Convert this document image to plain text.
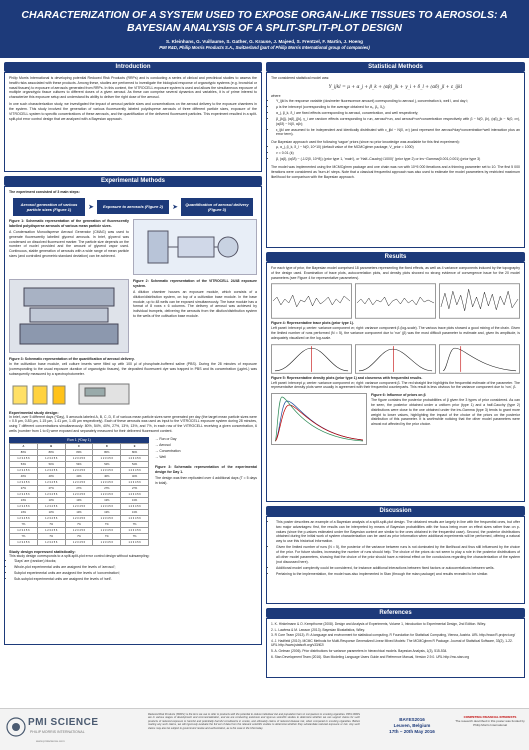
CHARACTERIZATION OF A SYSTEM USED TO EXPOSE ORGAN-LIKE TISSUES TO AEROSOLS: A BAYESIAN ANALYSIS OF A SPLIT-SPLIT-PLOT DESIGN
S. Kleinhans, G. Vuillaume, S. Gather, G. Krause, J. Majeed, S. Frentzel, F. Martin, J. Hoeng
PMI R&D, Philip Morris Products S.A., Switzerland (part of Philip Morris International group of companies)
Introduction
Philip Morris International is developing potential Reduced Risk Products (RRPs) and is conducting a series of clinical and preclinical studies to assess the health risks associated with these products. Among these, studies are performed to investigate the biological response of organotypic systems (e.g. bronchial or nasal tissues) to exposure of aerosols generated from RRPs. In this context, the VITROCELL exposure system is used and allows the simultaneous exposure of multiple organotypic tissue cultures to different doses of a given aerosol. As these can comprise several dynamics and variables, it is of prime interest to characterize this exposure setup and understand its ability to deliver the right dose of the aerosol.
In one such characterization study, we investigated the impact of aerosol particle sizes and concentrations on the aerosol delivery to the exposure chambers in the system. This study involved the generation of various fluorescently labeled polydisperse aerosols of three different particle sizes, exposure of the VITROCELL system to specific concentrations of these aerosols, and the quantification of the delivered fluorescent particles. This experiment resulted in a split-split-plot error control design that we analyzed with a Bayesian approach.
Experimental Methods
The experiment consisted of 3 main steps:
Aerosol generation of various particle sizes (Figure 1)	➤	Exposure to aerosols (Figure 2)	➤	Quantification of aerosol delivery (Figure 3)
Figure 1: Schematic representation of the generation of fluorescently labelled polydisperse aerosols of various mean particle sizes.
A Condensation Monodisperse Aerosol Generator (CMAG) was used to generate fluorescently labelled glycerol aerosols. In brief, glycerol was condensed on dissolved fluorescent marker. The particle size depends on the number of nuclei provided and the amount of glycerol vapor used. Continuous, stable generation of aerosols with a wide range of mean particle sizes (and controlled geometric standard deviation) can be achieved.
Figure 2: Schematic representation of the VITROCELL 24/48 exposure system.
A dilution chamber houses an exposure module, which consists of a dilution/distribution system, on top of a cultivation base module. In the base module, up to 48 wells can be exposed simultaneously. The base module has a format of 8 rows x 6 columns. The delivery of aerosol was achieved by individual trumpets, delivering the aerosols from the dilution/distribution system to the wells of the cultivation base module.
Figure 3: Schematic representation of the quantification of aerosol delivery.
In the cultivation base module, cell culture inserts were filled up with 100 µl of phosphate-buffered saline (PBS). During the 28 minutes of exposure (corresponding to the usual exposure duration of organotypic tissues), the deposited fluorescent dye was trapped in PBS and its concentration (µg/mL) was subsequently measured by a spectrophotometer.
Experimental study design:
In brief, over 5 different days (*Day), 5 aerosols labeled A, B, C, D, E of various mean particle sizes were generated per day (the target mean particle sizes were ≈ 0.5 µm, 0.83 µm, 1.15 µm, 1.41 µm, 1.45 µm respectively). Each of these aerosols was used as input to the VITROCELL exposure system during 28 minutes, using 7 different concentrations simultaneously: 80%, 54%, 40%, 27%, 13%, 13%, and 7%, in each row of the VITROCELL receiving a given concentration, 6 wells (number from 1 to 6) were exposed and separately measured for their delivered fluorescent content.
Run 1 (*Day 1)
A	B	C	D	E
80%	80%	80%	80%	80%
1 2 3 4 5 6	1 2 3 4 5 6	1 2 3 4 5 6	1 2 3 4 5 6	1 2 3 4 5 6
54%	54%	54%	54%	54%
1 2 3 4 5 6	1 2 3 4 5 6	1 2 3 4 5 6	1 2 3 4 5 6	1 2 3 4 5 6
40%	40%	40%	40%	40%
1 2 3 4 5 6	1 2 3 4 5 6	1 2 3 4 5 6	1 2 3 4 5 6	1 2 3 4 5 6
27%	27%	27%	27%	27%
1 2 3 4 5 6	1 2 3 4 5 6	1 2 3 4 5 6	1 2 3 4 5 6	1 2 3 4 5 6
13%	13%	13%	13%	13%
1 2 3 4 5 6	1 2 3 4 5 6	1 2 3 4 5 6	1 2 3 4 5 6	1 2 3 4 5 6
13%	13%	13%	13%	13%
1 2 3 4 5 6	1 2 3 4 5 6	1 2 3 4 5 6	1 2 3 4 5 6	1 2 3 4 5 6
7%	7%	7%	7%	7%
1 2 3 4 5 6	1 2 3 4 5 6	1 2 3 4 5 6	1 2 3 4 5 6	1 2 3 4 5 6
7%	7%	7%	7%	7%
1 2 3 4 5 6	1 2 3 4 5 6	1 2 3 4 5 6	1 2 3 4 5 6	1 2 3 4 5 6
→ Run or Day
→ Aerosol
→ Concentration
→ Well
Figure 3: Schematic representation of the experimental design for Day 1.
The design was then replicated over 4 additional days (T = 5 days in total).
Study design expressed statistically:
This study design corresponds to a split-split-plot error control design without subsampling:
• 'Days' are (random) blocks;
• Whole-plot experimental units are assigned the levels of 'aerosol';
• Subplot experimental units are assigned the levels of 'concentration';
• Sub-subplot experimental units are assigned the levels of 'well'.
Statistical Methods
The considered statistical model was:
Y_ijkl = µ + α_j + β_k + (αβ)_jk + γ_i + δ_l + (αδ)_jl + ε_ijkl
where
• Y_ijkl is the response variable (dosimeter fluorescence amount) corresponding to aerosol j, concentration k, well l, and day i;
• µ is the intercept (corresponding to the average obtained for α₁, β₁, δ₁);
• α_j, β_k, δ_l are fixed effects corresponding to aerosol, concentration, and well respectively;
• β_{k|j}, (αβ)_{jk}, γ_i are random effects corresponding to run, aerosol*run, and aerosol*run*concentration respectively with β ~ N(0, β²), (αβ)_jk ~ N(0, σ²), (αβδ) ~ N(0, αβ²);
• ε_ijkl are assumed to be independent and identically distributed with ε_ijkl ~ N(0, σ²) (and represent the aerosol*day*concentration*well interaction plus an error term).
Our Bayesian approach used the following 'vague' priors (since no prior knowledge was available for this first experiment):
• µ, α_j, β_k, δ_l ~ N(0, 10^10) (default value of the MCMCglmm package, V_prior = 1000)
• ν = 0.01 (k)
• β, (αβ), (αβδ) ~ (-1/2(0, 10^8)) (prior type 1, 'main'), or 'Half–Cauchy(√1000)' (prior type 2) or inv−Gamma(0.001,0.001) (prior type 3)
The model was implemented using the MCMCglmm package and one chain was run with 10^5 000 iterations and a thinning parameter set to 10. The first 5 000 iterations were considered as 'burn-in' steps. Note that a classical frequentist approach was also used to estimate the model parameters by restricted maximum likelihood for comparison with the Bayesian approach.
Results
For each type of prior, the Bayesian model comprised 18 parameters representing the fixed effects, as well as 4 variance components induced by the topography of the design used. Examination of trace plots, autocorrelation plots, and density plots showed no strong evidence of convergence issue for the 20 model parameters (see Figure 4 for representative parameters).
Figure 4: Representative trace plots (prior type 1).
Left panel: intercept µ; center: variance component σ²; right: variance component β (log-scale). The various trace plots showed a good mixing of the chain. Given the limited number of runs performed (N = 5), the variance component due to 'run' (β) was the most difficult parameter to estimate and, given its amplitude, is adequately visualized on the log-scale.
Figure 5: Representative density plots (prior type 1) and closeness with frequentist results.
Left panel: intercept µ; center: variance component σ²; right: variance component β. The red straight line highlights the frequentist estimate of the parameter. The representative density plots were usually in agreement with their frequentist counterparts. This result is less obvious for the variance component due to 'run', β.
Figure 6: Influence of priors on β
The figure contains the posterior probabilities of β given the 3 types of prior considered. As can be seen, the posterior obtained under a uniform prior (type 1) and a half-Cauchy (type 2) distributions were close to the one obtained under the inv-Gamma (type 3) tends to grant more weight to lower values, highlighting the impact of the choice of the priors on the posterior distribution of this parameter. It is worthwhile noticing that the other model parameters were almost not affected by the prior choice.
Discussion
• This poster describes an example of a Bayesian analysis of a split-split-plot design. The obtained results are largely in line with the frequentist ones, but offer two major advantages: first, the results can be interpreted by means of Bayesian probabilities with the focus being more on effect sizes rather than on p-values (since the p-values estimated under the Bayesian context are similar to the ones obtained in the frequentist case). Second, the posterior distributions obtained during the initial work of system characterization can be used as prior information when additional experiments will be performed, offering a natural way to use this historical information.
• Given the limited number of runs (N = 5), the posterior of the variance between runs is not dominated by the likelihood and thus still influenced by the choice of the prior. For future studies, increasing the number of runs should help. The choice of the priors do not seem to play a role in the posterior distributions of all other model parameters, showing that the choice of the prior should have a minimal effect on the conclusions regarding the characterization of the system (not discussed here).
• Additional model complexity could be considered, for instance additional interactions between fixed factors or autocorrelations between wells.
• Pertaining to the implementation, the model was also implemented in Stan (through the rstan package) and results revealed to be similar.
References
1. K. Hinkelmann & O. Kempthorne (2008). Design and Analysis of Experiments, Volume 1, Introduction to Experimental Design, 2nd Edition. Wiley.
2. L. Lawless & M. Lawson (2013). Bayesian Biostatistics, Wiley.
3. R Core Team (2013). R: A language and environment for statistical computing. R Foundation for Statistical Computing, Vienna, Austria. URL http://www.R-project.org/
4. J. Hadfield (2010). MCMC Methods for Multi-Response Generalized Linear Mixed Models: The MCMCglmm R Package. Journal of Statistical Software, 33(2), 1-22. URL http://www.jstatsoft.org/v33/i02/
5. A. Gelman (2006). Prior distributions for variance parameters in hierarchical models. Bayesian Analysis, 1(3), 515-534.
6. Stan Development Team (2016). Stan Modeling Language Users Guide and Reference Manual, Version 2.9.0. URL http://mc-stan.org
PMI SCIENCE
PHILIP MORRIS INTERNATIONAL
www.pmiscience.com
Reduced Risk Products ('RRPs') is the term we use to refer to products with the potential to reduce individual risk and population harm in comparison to smoking cigarettes. PMI's RRPs are in various stages of development and commercialization, and we are conducting extensive and rigorous scientific studies to determine whether we can support claims for such products of reduced exposure to harmful and potentially harmful constituents in smoke, and ultimately claims of reduced disease risk, when compared to smoking cigarettes. Before making any such claims, we will rigorously evaluate the full set of data from the relevant scientific studies to determine whether they substantiate reduced exposure or risk. Any such claims may also be subject to government review and authorization, as is the case in the USA today.
BAYES2016
Leuven, Belgium
17th – 20th May 2016
COMPETING FINANCIAL INTERESTS
The research described in this poster was funded by Philip Morris International
